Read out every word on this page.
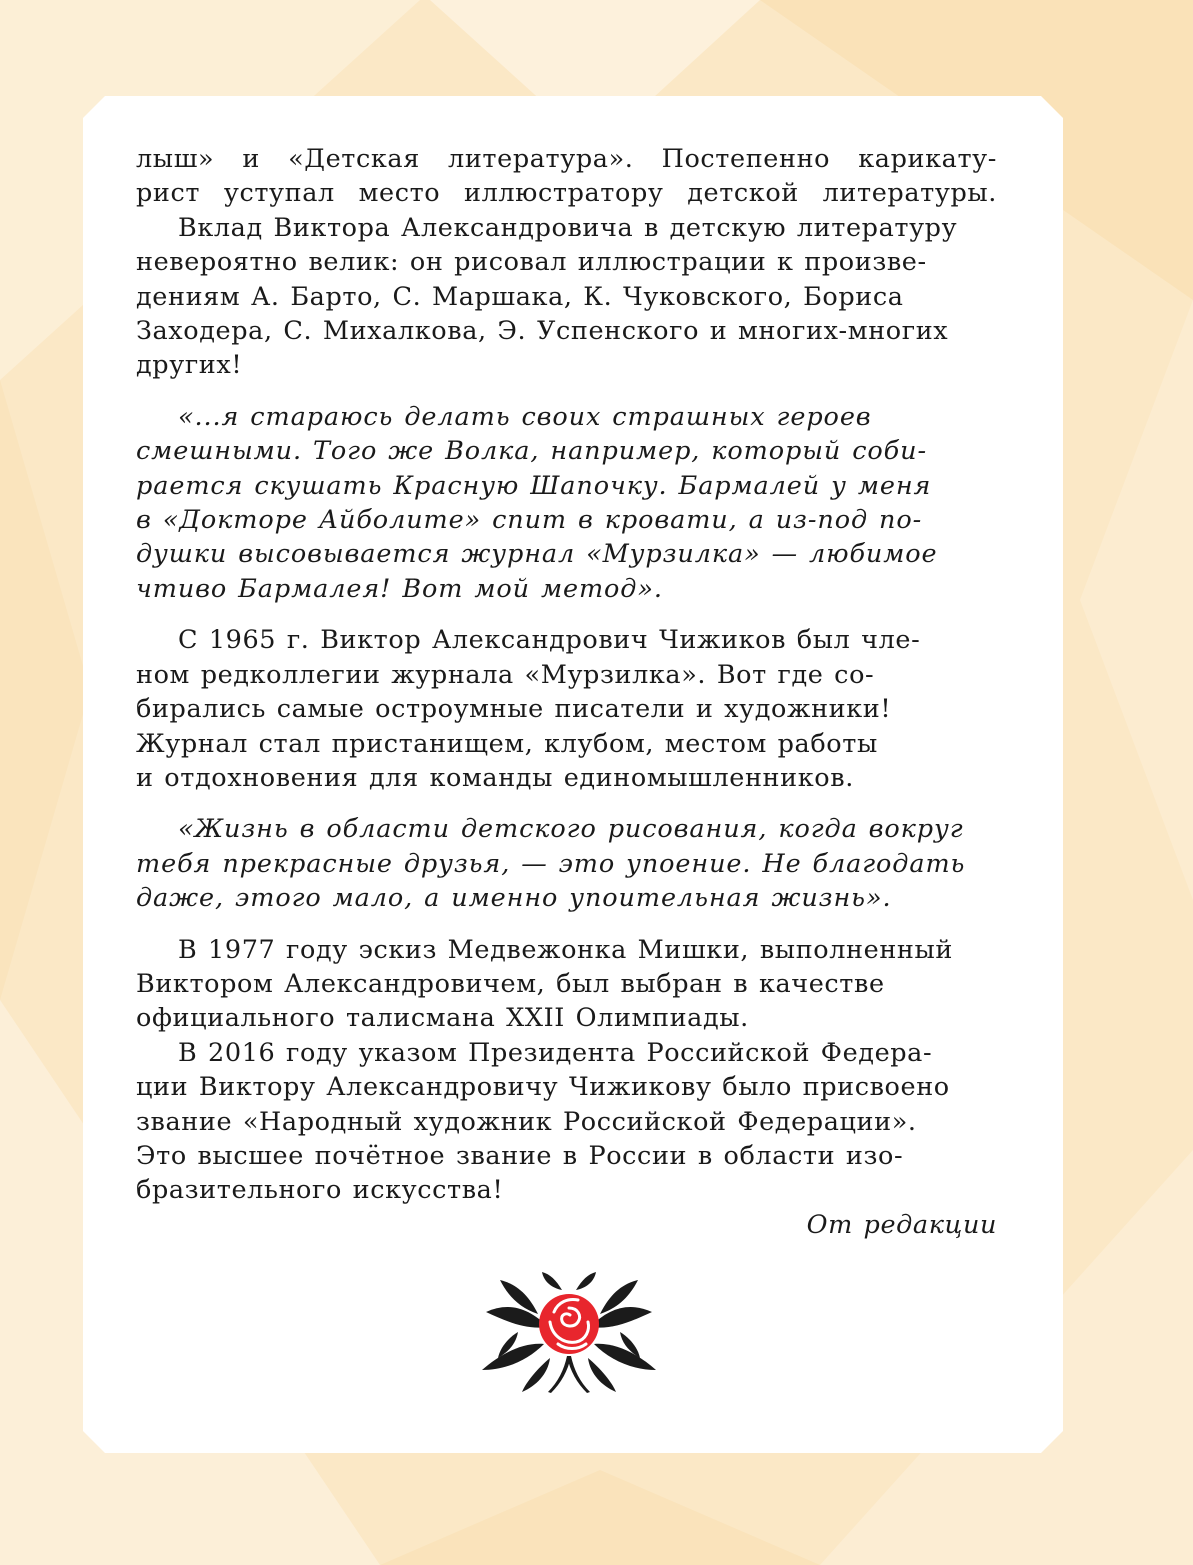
лыш» и «Детская литература». Постепенно карикату-
рист уступал место иллюстратору детской литературы.

Вклад Виктора Александровича в детскую литературу
невероятно велик: он рисовал иллюстрации к произве-
дениям А. Барто, С. Маршака, К. Чуковского, Бориса
Заходера, С. Михалкова, Э. Успенского и многих-многих
других!

«...я стараюсь делать своих страшных героев
смешными. Того же Волка, например, который соби-
рается скушать Красную Шапочку. Бармалей у меня
в «Докторе Айболите» спит в кровати, а из-под по-
душки высовывается журнал «Мурзилка» — любимое
чтиво Бармалея! Вот мой метод».

С 1965 г. Виктор Александрович Чижиков был чле-
ном редколлегии журнала «Мурзилка». Вот где со-
бирались самые остроумные писатели и художники!
Журнал стал пристанищем, клубом, местом работы
и отдохновения для команды единомышленников.

«Жизнь в области детского рисования, когда вокруг
тебя прекрасные друзья, — это упоение. Не благодать
даже, этого мало, а именно упоительная жизнь».

В 1977 году эскиз Медвежонка Мишки, выполненный
Виктором Александровичем, был выбран в качестве
официального талисмана XXII Олимпиады.

В 2016 году указом Президента Российской Федера-
ции Виктору Александровичу Чижикову было присвоено
звание «Народный художник Российской Федерации».
Это высшее почётное звание в России в области изо-
бразительного искусства!

От редакции
